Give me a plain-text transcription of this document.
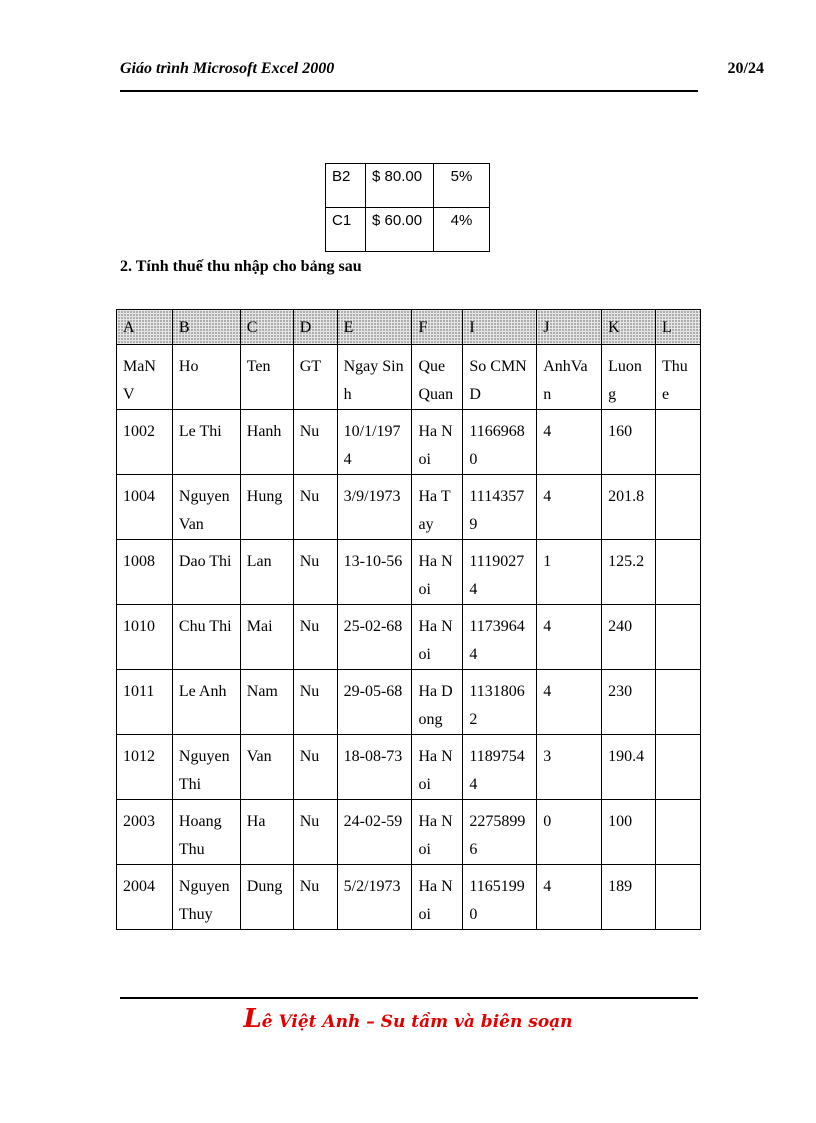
Giáo trình Microsoft Excel 2000	20/24
B2	$ 80.00	5%
C1	$ 60.00	4%
2. Tính thuế thu nhập cho bảng sau
A	B	C	D	E	F	I	J	K	L
MaNV	Ho	Ten	GT	Ngay Sinh	Que Quan	So CMND	AnhVan	Luong	Thue
1002	Le Thi	Hanh	Nu	10/1/1974	Ha Noi	11669680	4	160	
1004	Nguyen Van	Hung	Nu	3/9/1973	Ha Tay	11143579	4	201.8	
1008	Dao Thi	Lan	Nu	13-10-56	Ha Noi	11190274	1	125.2	
1010	Chu Thi	Mai	Nu	25-02-68	Ha Noi	11739644	4	240	
1011	Le Anh	Nam	Nu	29-05-68	Ha Dong	11318062	4	230	
1012	Nguyen Thi	Van	Nu	18-08-73	Ha Noi	11897544	3	190.4	
2003	Hoang Thu	Ha	Nu	24-02-59	Ha Noi	22758996	0	100	
2004	Nguyen Thuy	Dung	Nu	5/2/1973	Ha Noi	11651990	4	189	
Lê Việt Anh – Su tầm và biên soạn
